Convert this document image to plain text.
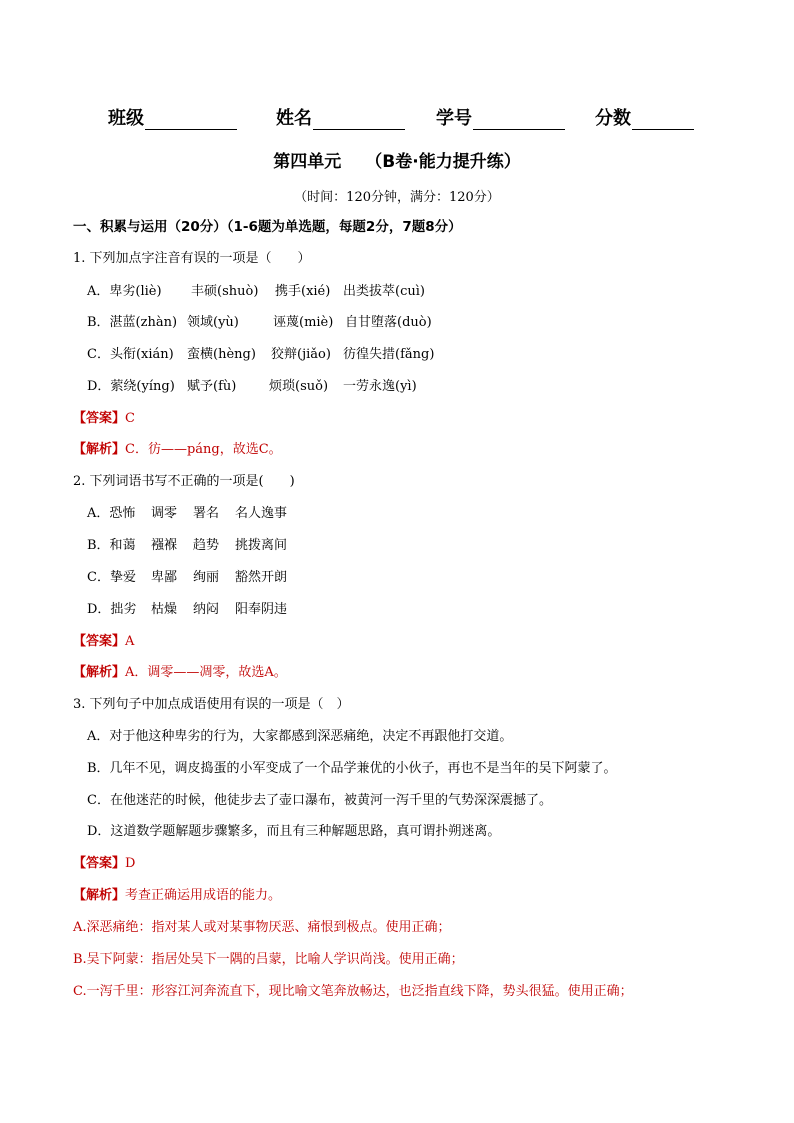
班级	姓名	学号	分数
第四单元 （B卷·能力提升练）
（时间：120分钟，满分：120分）
一、积累与运用（20分）（1-6题为单选题，每题2分，7题8分）
1. 下列加点字注音有误的一项是（　　）
A．卑劣(liè) 丰硕(shuò) 携手(xié) 出类拔萃(cuì)
B．湛蓝(zhàn) 领域(yù)	诬蔑(miè) 自甘堕落(duò)
C．头衔(xián) 蛮横(hèng) 狡辩(jiǎo) 彷徨失措(fǎng)
D．萦绕(yíng) 赋予(fù)	烦琐(suǒ) 一劳永逸(yì)
【答案】C
【解析】C．彷——páng，故选C。
2. 下列词语书写不正确的一项是(　　)
A．恐怖 调零 署名 名人逸事
B．和蔼 襁褓 趋势 挑拨离间
C．挚爱 卑鄙 绚丽 豁然开朗
D．拙劣 枯燥 纳闷 阳奉阴违
【答案】A
【解析】A．调零——凋零，故选A。
3. 下列句子中加点成语使用有误的一项是（　）
A．对于他这种卑劣的行为，大家都感到深恶痛绝，决定不再跟他打交道。
B．几年不见，调皮捣蛋的小军变成了一个品学兼优的小伙子，再也不是当年的吴下阿蒙了。
C．在他迷茫的时候，他徒步去了壶口瀑布，被黄河一泻千里的气势深深震撼了。
D．这道数学题解题步骤繁多，而且有三种解题思路，真可谓扑朔迷离。
【答案】D
【解析】考查正确运用成语的能力。
A.深恶痛绝：指对某人或对某事物厌恶、痛恨到极点。使用正确；
B.吴下阿蒙：指居处吴下一隅的吕蒙，比喻人学识尚浅。使用正确；
C.一泻千里：形容江河奔流直下，现比喻文笔奔放畅达，也泛指直线下降，势头很猛。使用正确；
